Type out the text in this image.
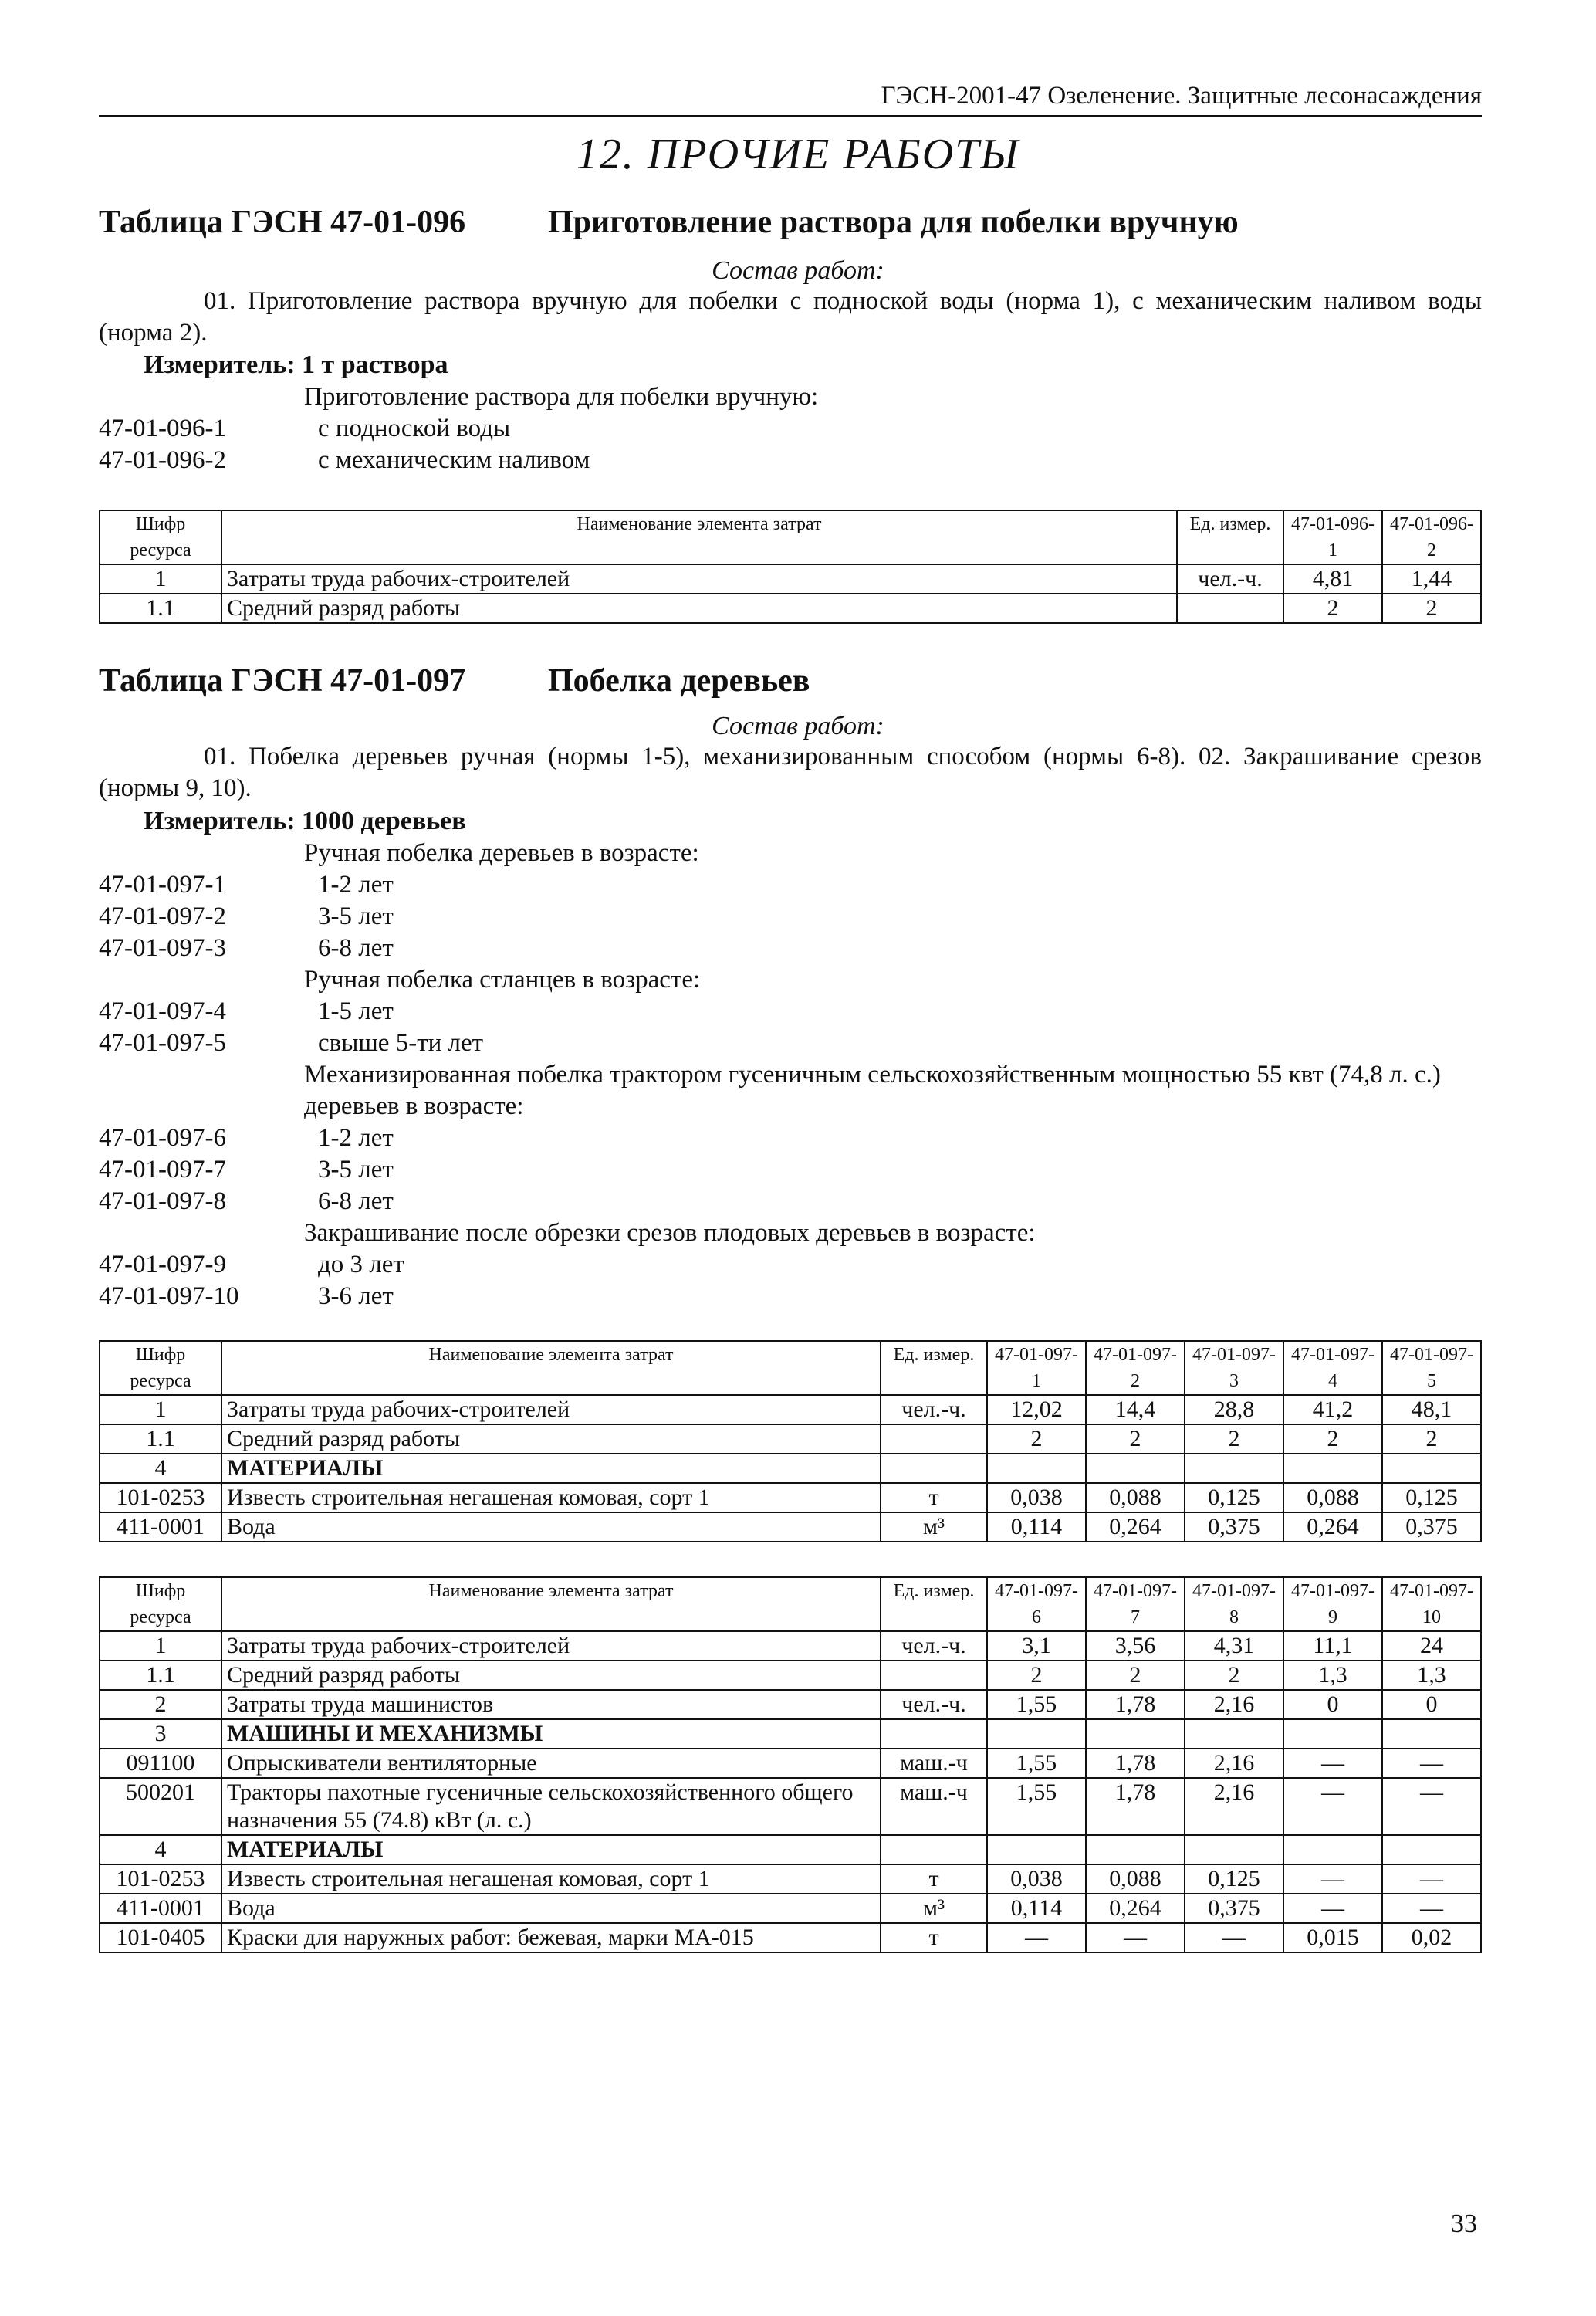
ГЭСН-2001-47 Озеленение. Защитные лесонасаждения
12. ПРОЧИЕ РАБОТЫ
Таблица ГЭСН 47-01-096	Приготовление раствора для побелки вручную
Состав работ:
01. Приготовление раствора вручную для побелки с подноской воды (норма 1), с механическим наливом воды (норма 2).
Измеритель: 1 т раствора
Приготовление раствора для побелки вручную:
47-01-096-1	с подноской воды
47-01-096-2	с механическим наливом
Шифр ресурса	Наименование элемента затрат	Ед. измер.	47-01-096-1	47-01-096-2
1	Затраты труда рабочих-строителей	чел.-ч.	4,81	1,44
1.1	Средний разряд работы		2	2
Таблица ГЭСН 47-01-097	Побелка деревьев
Состав работ:
01. Побелка деревьев ручная (нормы 1-5), механизированным способом (нормы 6-8). 02. Закрашивание срезов (нормы 9, 10).
Измеритель: 1000 деревьев
Ручная побелка деревьев в возрасте:
47-01-097-1	1-2 лет
47-01-097-2	3-5 лет
47-01-097-3	6-8 лет
Ручная побелка стланцев в возрасте:
47-01-097-4	1-5 лет
47-01-097-5	свыше 5-ти лет
Механизированная побелка трактором гусеничным сельскохозяйственным мощностью 55 квт (74,8 л. с.) деревьев в возрасте:
47-01-097-6	1-2 лет
47-01-097-7	3-5 лет
47-01-097-8	6-8 лет
Закрашивание после обрезки срезов плодовых деревьев в возрасте:
47-01-097-9	до 3 лет
47-01-097-10	3-6 лет
Шифр ресурса	Наименование элемента затрат	Ед. измер.	47-01-097-1	47-01-097-2	47-01-097-3	47-01-097-4	47-01-097-5
1	Затраты труда рабочих-строителей	чел.-ч.	12,02	14,4	28,8	41,2	48,1
1.1	Средний разряд работы		2	2	2	2	2
4	МАТЕРИАЛЫ						
101-0253	Известь строительная негашеная комовая, сорт 1	т	0,038	0,088	0,125	0,088	0,125
411-0001	Вода	м³	0,114	0,264	0,375	0,264	0,375
Шифр ресурса	Наименование элемента затрат	Ед. измер.	47-01-097-6	47-01-097-7	47-01-097-8	47-01-097-9	47-01-097-10
1	Затраты труда рабочих-строителей	чел.-ч.	3,1	3,56	4,31	11,1	24
1.1	Средний разряд работы		2	2	2	1,3	1,3
2	Затраты труда машинистов	чел.-ч.	1,55	1,78	2,16	0	0
3	МАШИНЫ И МЕХАНИЗМЫ						
091100	Опрыскиватели вентиляторные	маш.-ч	1,55	1,78	2,16	—	—
500201	Тракторы пахотные гусеничные сельскохозяйственного общего назначения 55 (74.8) кВт (л. с.)	маш.-ч	1,55	1,78	2,16	—	—
4	МАТЕРИАЛЫ						
101-0253	Известь строительная негашеная комовая, сорт 1	т	0,038	0,088	0,125	—	—
411-0001	Вода	м³	0,114	0,264	0,375	—	—
101-0405	Краски для наружных работ: бежевая, марки МА-015	т	—	—	—	0,015	0,02
33
